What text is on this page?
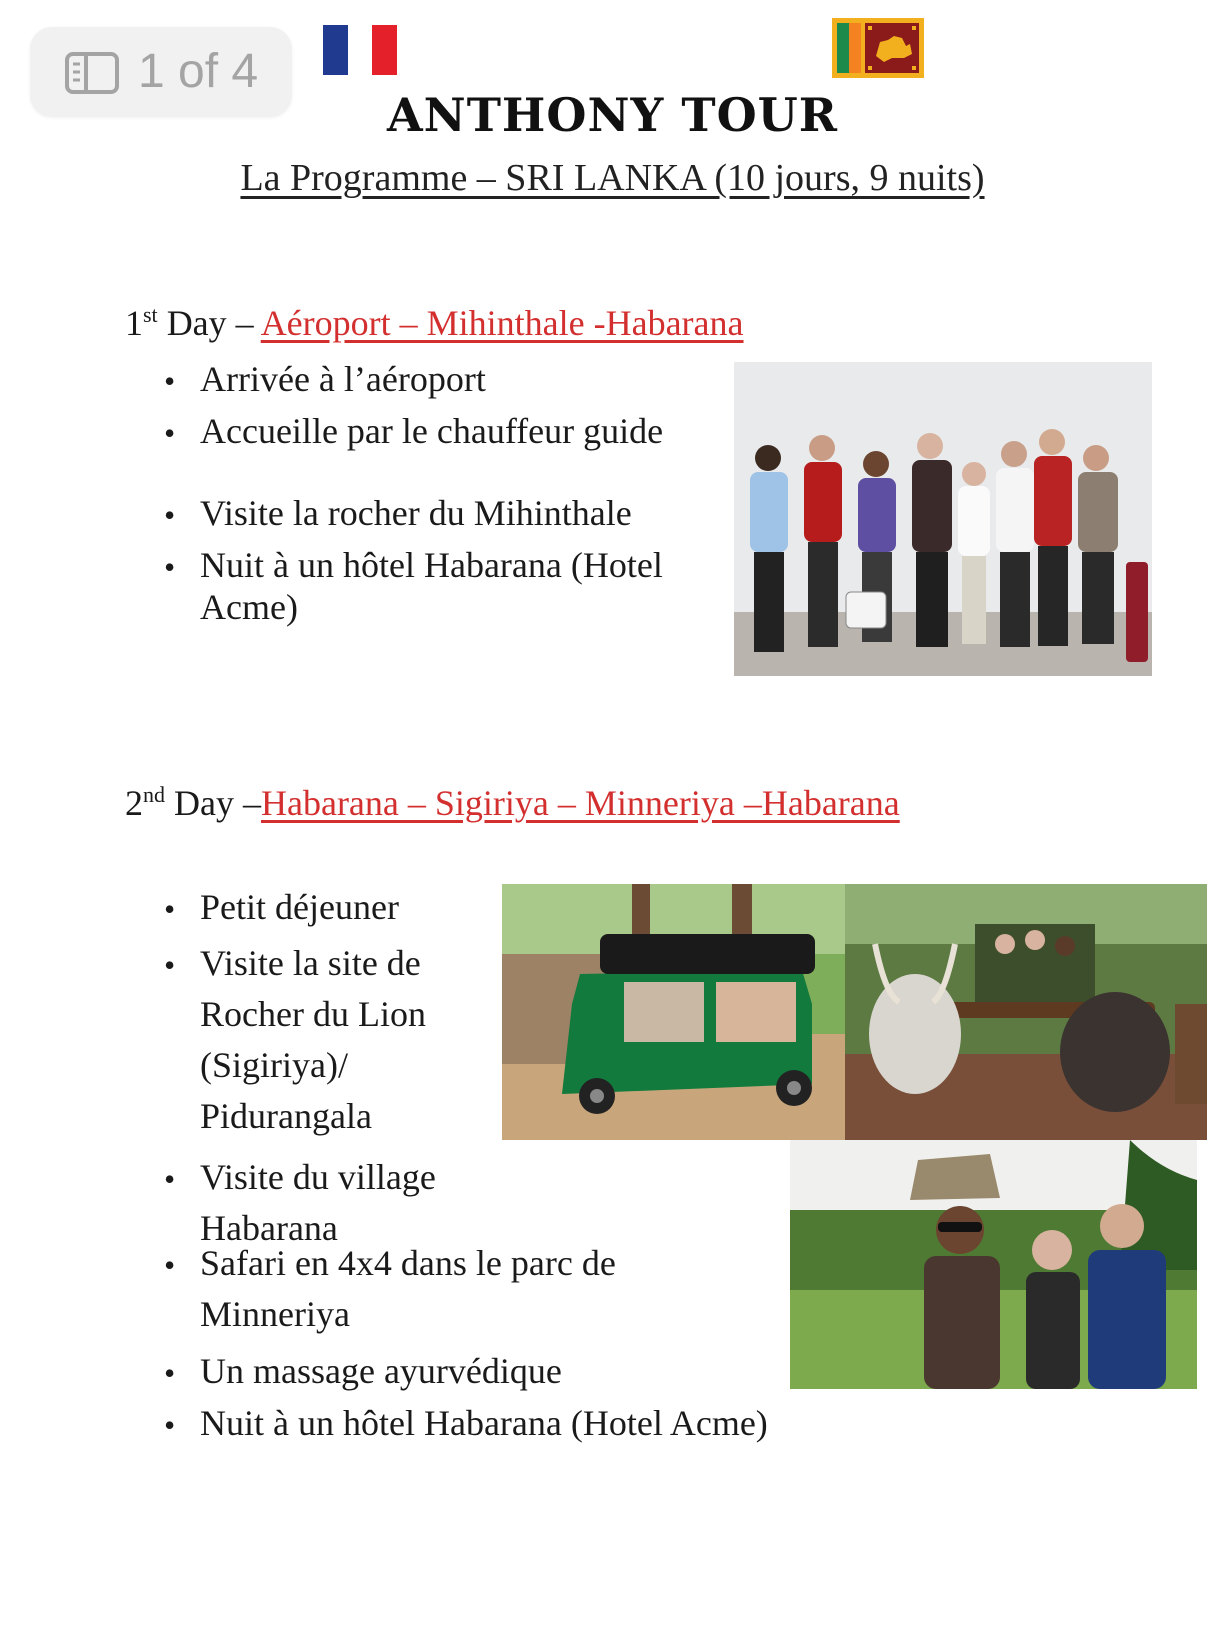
1 of 4
ANTHONY TOUR
La Programme – SRI LANKA (10 jours, 9 nuits)
1st Day – Aéroport – Mihinthale -Habarana
• Arrivée à l’aéroport
• Accueille par le chauffeur guide
• Visite la rocher du Mihinthale
• Nuit à un hôtel Habarana (Hotel Acme)
2nd Day –Habarana – Sigiriya – Minneriya –Habarana
• Petit déjeuner
• Visite la site de Rocher du Lion (Sigiriya)/ Pidurangala
• Visite du village Habarana
• Safari en 4x4 dans le parc de Minneriya
• Un massage ayurvédique
• Nuit à un hôtel Habarana (Hotel Acme)
